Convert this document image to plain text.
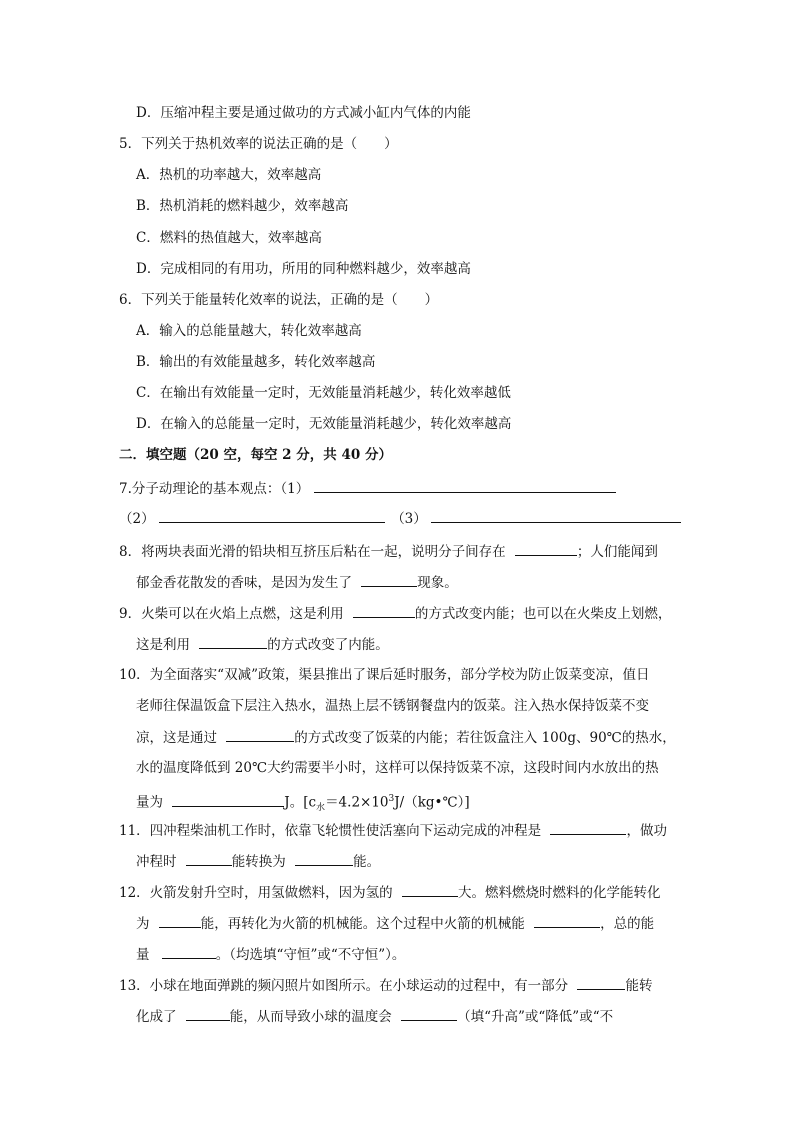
D．压缩冲程主要是通过做功的方式减小缸内气体的内能
5．下列关于热机效率的说法正确的是（　　）
A．热机的功率越大，效率越高
B．热机消耗的燃料越少，效率越高
C．燃料的热值越大，效率越高
D．完成相同的有用功，所用的同种燃料越少，效率越高
6．下列关于能量转化效率的说法，正确的是（　　）
A．输入的总能量越大，转化效率越高
B．输出的有效能量越多，转化效率越高
C．在输出有效能量一定时，无效能量消耗越少，转化效率越低
D．在输入的总能量一定时，无效能量消耗越少，转化效率越高
二．填空题（20 空，每空 2 分，共 40 分）
7.分子动理论的基本观点：（1）
（2）	（3）
8．将两块表面光滑的铅块相互挤压后粘在一起，说明分子间存在	；人们能闻到
郁金香花散发的香味，是因为发生了	现象。
9．火柴可以在火焰上点燃，这是利用	的方式改变内能；也可以在火柴皮上划燃，
这是利用	的方式改变了内能。
10．为全面落实“双减”政策，渠县推出了课后延时服务，部分学校为防止饭菜变凉，值日
老师往保温饭盒下层注入热水，温热上层不锈钢餐盘内的饭菜。注入热水保持饭菜不变
凉，这是通过	的方式改变了饭菜的内能；若往饭盒注入 100g、90℃的热水，
水的温度降低到 20℃大约需要半小时，这样可以保持饭菜不凉，这段时间内水放出的热
量为	J。$[c_水=4.2\times 10^3J/(kg•℃)]$
11．四冲程柴油机工作时，依靠飞轮惯性使活塞向下运动完成的冲程是	，做功
冲程时	能转换为	能。
12．火箭发射升空时，用氢做燃料，因为氢的	大。燃料燃烧时燃料的化学能转化
为	能，再转化为火箭的机械能。这个过程中火箭的机械能	，总的能
量	。（均选填“守恒”或“不守恒”）。
13．小球在地面弹跳的频闪照片如图所示。在小球运动的过程中，有一部分	能转
化成了	能，从而导致小球的温度会	（填“升高”或“降低”或“不
